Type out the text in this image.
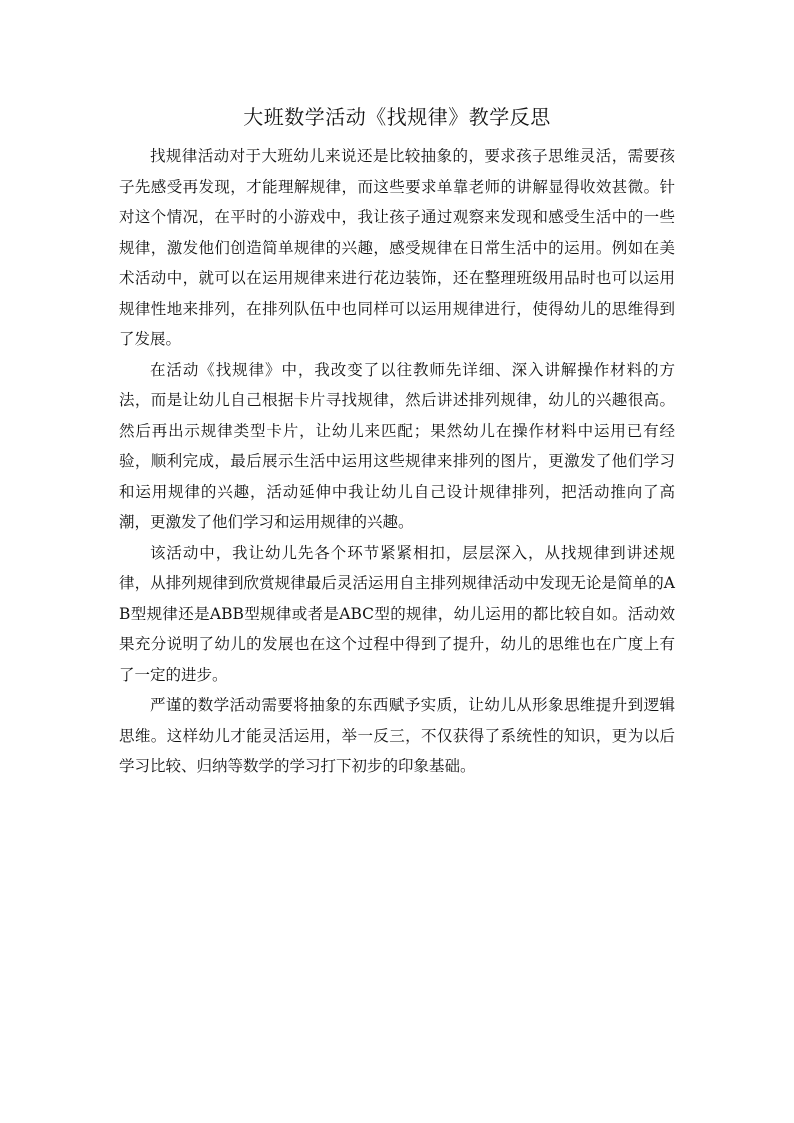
大班数学活动《找规律》教学反思

找规律活动对于大班幼儿来说还是比较抽象的，要求孩子思维灵活，需要孩子先感受再发现，才能理解规律，而这些要求单靠老师的讲解显得收效甚微。针对这个情况，在平时的小游戏中，我让孩子通过观察来发现和感受生活中的一些规律，激发他们创造简单规律的兴趣，感受规律在日常生活中的运用。例如在美术活动中，就可以在运用规律来进行花边装饰，还在整理班级用品时也可以运用规律性地来排列，在排列队伍中也同样可以运用规律进行，使得幼儿的思维得到了发展。

在活动《找规律》中，我改变了以往教师先详细、深入讲解操作材料的方法，而是让幼儿自己根据卡片寻找规律，然后讲述排列规律，幼儿的兴趣很高。然后再出示规律类型卡片，让幼儿来匹配；果然幼儿在操作材料中运用已有经验，顺利完成，最后展示生活中运用这些规律来排列的图片，更激发了他们学习和运用规律的兴趣，活动延伸中我让幼儿自己设计规律排列，把活动推向了高潮，更激发了他们学习和运用规律的兴趣。

该活动中，我让幼儿先各个环节紧紧相扣，层层深入，从找规律到讲述规律，从排列规律到欣赏规律最后灵活运用自主排列规律活动中发现无论是简单的AB型规律还是ABB型规律或者是ABC型的规律，幼儿运用的都比较自如。活动效果充分说明了幼儿的发展也在这个过程中得到了提升，幼儿的思维也在广度上有了一定的进步。

严谨的数学活动需要将抽象的东西赋予实质，让幼儿从形象思维提升到逻辑思维。这样幼儿才能灵活运用，举一反三，不仅获得了系统性的知识，更为以后学习比较、归纳等数学的学习打下初步的印象基础。
